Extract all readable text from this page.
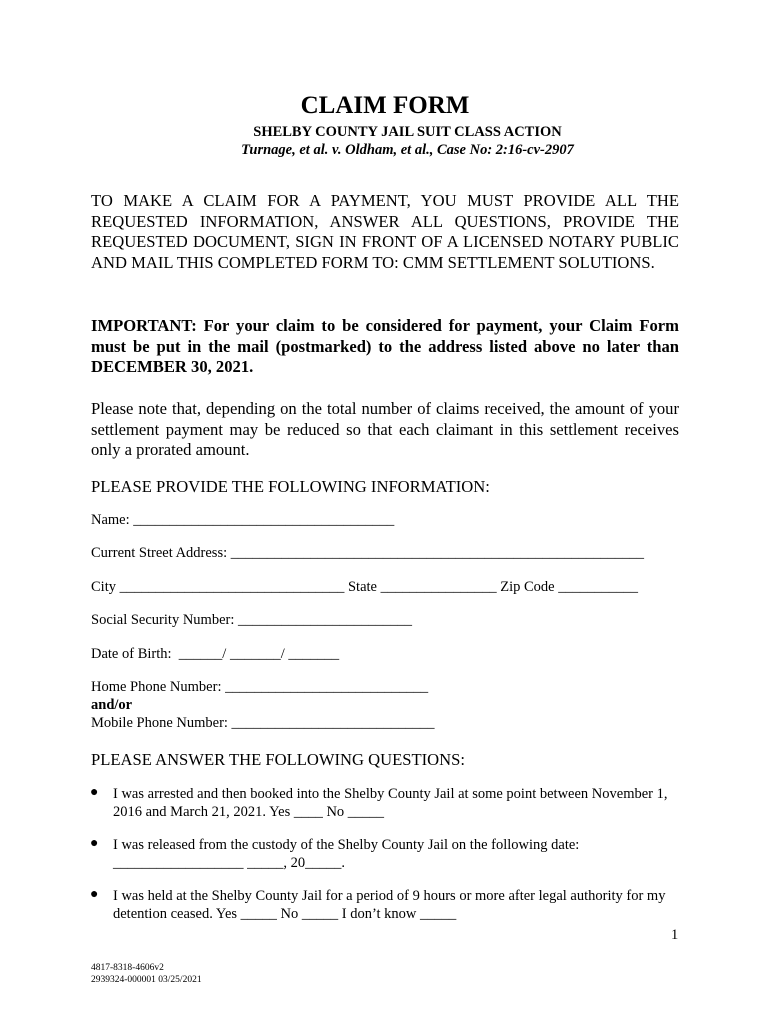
CLAIM FORM
SHELBY COUNTY JAIL SUIT CLASS ACTION
Turnage, et al. v. Oldham, et al., Case No: 2:16-cv-2907
TO MAKE A CLAIM FOR A PAYMENT, YOU MUST PROVIDE ALL THE REQUESTED INFORMATION, ANSWER ALL QUESTIONS, PROVIDE THE REQUESTED DOCUMENT, SIGN IN FRONT OF A LICENSED NOTARY PUBLIC AND MAIL THIS COMPLETED FORM TO: CMM SETTLEMENT SOLUTIONS.
IMPORTANT: For your claim to be considered for payment, your Claim Form must be put in the mail (postmarked) to the address listed above no later than DECEMBER 30, 2021.
Please note that, depending on the total number of claims received, the amount of your settlement payment may be reduced so that each claimant in this settlement receives only a prorated amount.
PLEASE PROVIDE THE FOLLOWING INFORMATION:
Name: ____________________________________
Current Street Address: _________________________________________________________
City _______________________________ State ________________ Zip Code ___________
Social Security Number: ________________________
Date of Birth:  ______/ _______/ _______
Home Phone Number: ____________________________
and/or
Mobile Phone Number: ____________________________
PLEASE ANSWER THE FOLLOWING QUESTIONS:
● I was arrested and then booked into the Shelby County Jail at some point between November 1, 2016 and March 21, 2021. Yes ____ No _____
● I was released from the custody of the Shelby County Jail on the following date: __________________ _____, 20_____.
● I was held at the Shelby County Jail for a period of 9 hours or more after legal authority for my detention ceased. Yes _____ No _____ I don’t know _____
1
4817-8318-4606v2
2939324-000001 03/25/2021
